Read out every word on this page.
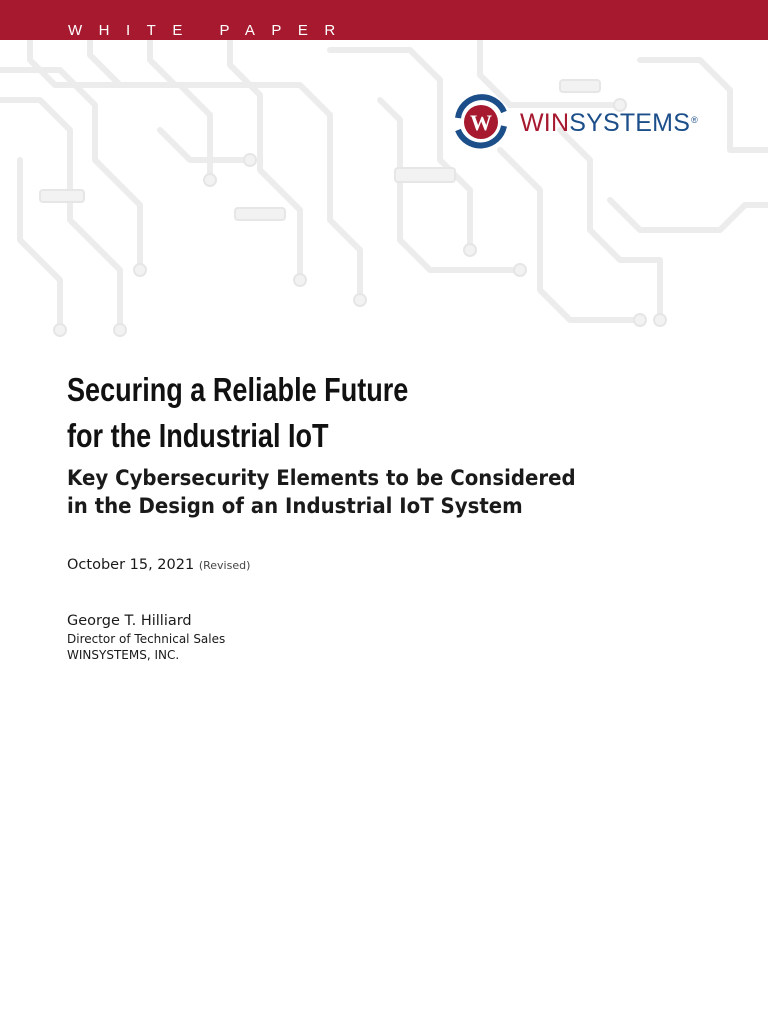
WHITE PAPER
W WINSYSTEMS®
Securing a Reliable Future
for the Industrial IoT
Key Cybersecurity Elements to be Considered
in the Design of an Industrial IoT System
October 15, 2021 (Revised)
George T. Hilliard
Director of Technical Sales
WINSYSTEMS, INC.
